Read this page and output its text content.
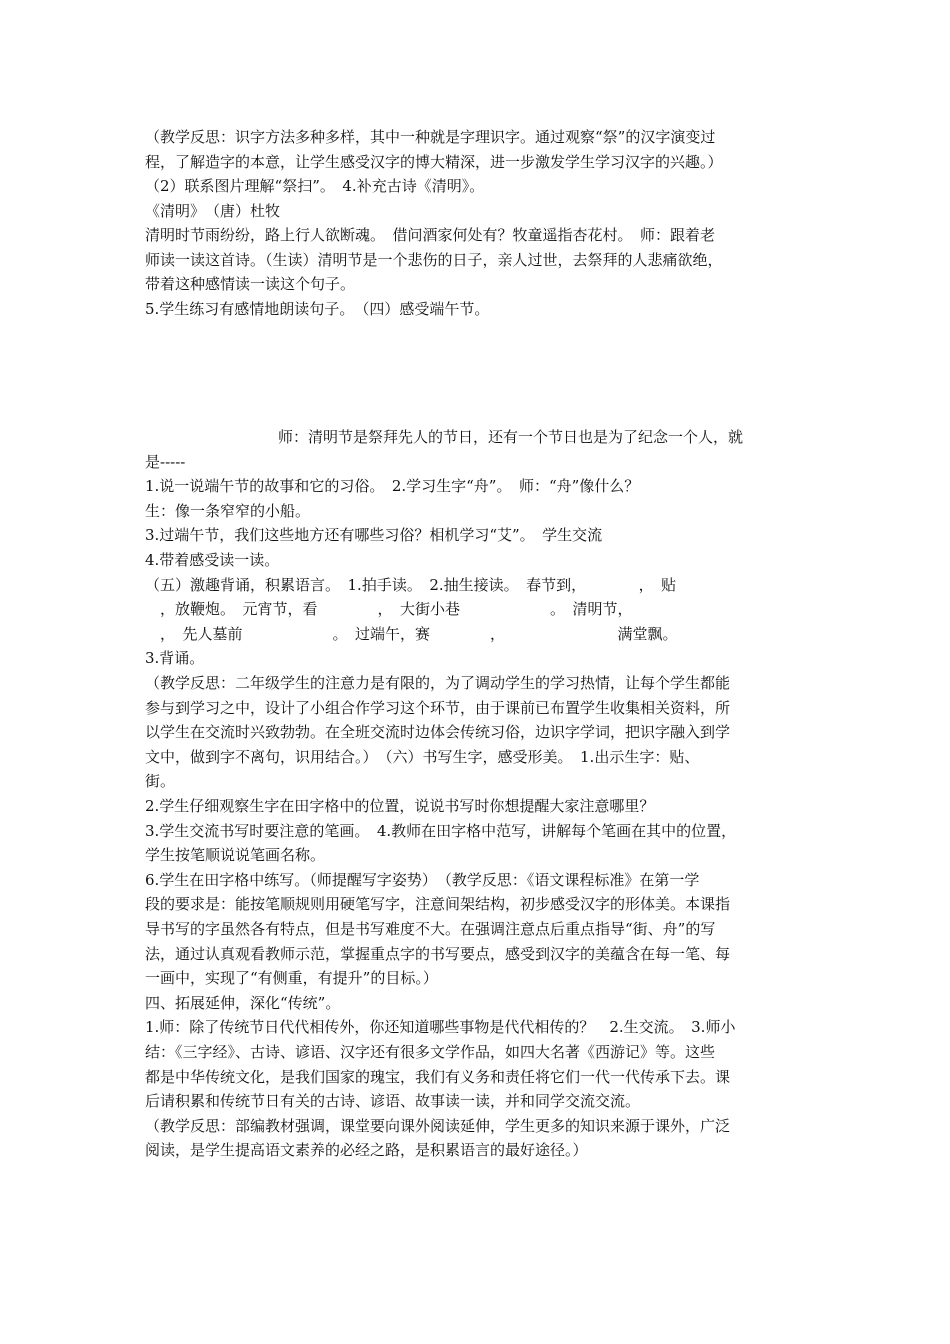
（教学反思：识字方法多种多样，其中一种就是字理识字。通过观察“祭”的汉字演变过
程，了解造字的本意，让学生感受汉字的博大精深，进一步激发学生学习汉字的兴趣。）
（2）联系图片理解“祭扫”。　4.补充古诗《清明》。
《清明》　（唐）杜牧
清明时节雨纷纷，路上行人欲断魂。　借问酒家何处有？牧童遥指杏花村。　师：跟着老
师读一读这首诗。（生读）清明节是一个悲伤的日子，亲人过世，去祭拜的人悲痛欲绝，
带着这种感情读一读这个句子。
5.学生练习有感情地朗读句子。　（四）感受端午节。
师：清明节是祭拜先人的节日，还有一个节日也是为了纪念一个人，就
是-----
1.说一说端午节的故事和它的习俗。　2.学习生字“舟”。　师：“舟”像什么？
生：像一条窄窄的小船。
3.过端午节，我们这些地方还有哪些习俗？相机学习“艾”。　学生交流
4.带着感受读一读。
（五）激趣背诵，积累语言。　1.拍手读。　2.抽生接读。　春节到，　　　　，　贴
　，放鞭炮。　元宵节，看　　　　，　大街小巷　　　　　　。　清明节，
　，　先人墓前　　　　　　。　过端午，赛　　　　，　　　　　　　　满堂飘。
3.背诵。
（教学反思：二年级学生的注意力是有限的，为了调动学生的学习热情，让每个学生都能
参与到学习之中，设计了小组合作学习这个环节，由于课前已布置学生收集相关资料，所
以学生在交流时兴致勃勃。在全班交流时边体会传统习俗，边识字学词，把识字融入到学
文中，做到字不离句，识用结合。）　（六）书写生字，感受形美。　1.出示生字：贴、
街。
2.学生仔细观察生字在田字格中的位置，说说书写时你想提醒大家注意哪里？
3.学生交流书写时要注意的笔画。　4.教师在田字格中范写，讲解每个笔画在其中的位置，
学生按笔顺说说笔画名称。
6.学生在田字格中练写。（师提醒写字姿势）　（教学反思：《语文课程标准》在第一学
段的要求是：能按笔顺规则用硬笔写字，注意间架结构，初步感受汉字的形体美。本课指
导书写的字虽然各有特点，但是书写难度不大。在强调注意点后重点指导“街、舟”的写
法，通过认真观看教师示范，掌握重点字的书写要点，感受到汉字的美蕴含在每一笔、每
一画中，实现了“有侧重，有提升”的目标。）
四、拓展延伸，深化“传统”。
1.师：除了传统节日代代相传外，你还知道哪些事物是代代相传的？　2.生交流。　3.师小
结：《三字经》、古诗、谚语、汉字还有很多文学作品，如四大名著《西游记》等。这些
都是中华传统文化，是我们国家的瑰宝，我们有义务和责任将它们一代一代传承下去。课
后请积累和传统节日有关的古诗、谚语、故事读一读，并和同学交流交流。
（教学反思：部编教材强调，课堂要向课外阅读延伸，学生更多的知识来源于课外，广泛
阅读，是学生提高语文素养的必经之路，是积累语言的最好途径。）
